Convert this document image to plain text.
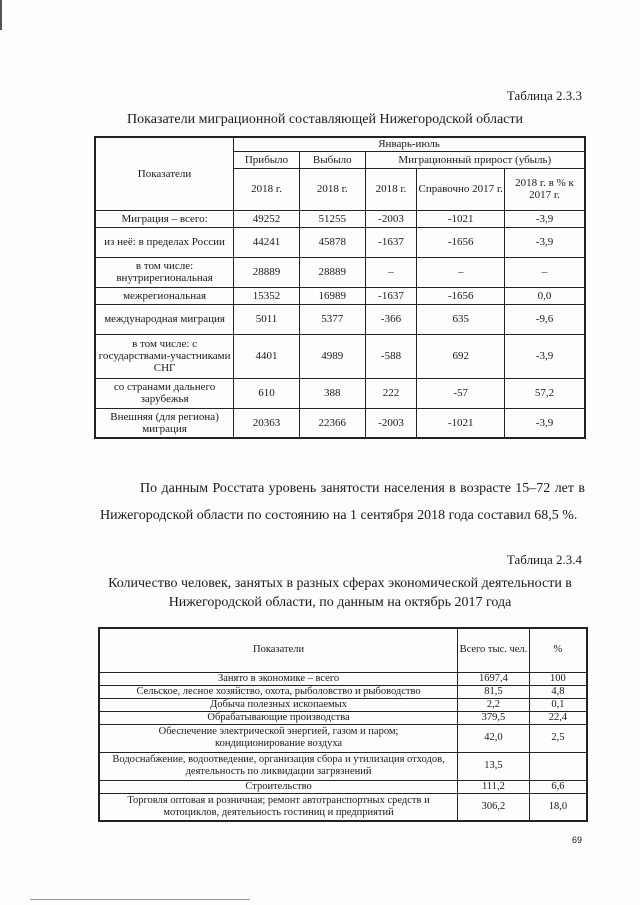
Таблица 2.3.3
Показатели миграционной составляющей Нижегородской области
Показатели	Январь-июль				
	Прибыло	Выбыло	Миграционный прирост (убыль)		
	2018 г.	2018 г.	2018 г.	Справочно 2017 г.	2018 г. в % к 2017 г.
Миграция – всего:	49252	51255	-2003	-1021	-3,9
из неё: в пределах России	44241	45878	-1637	-1656	-3,9
в том числе: внутрирегиональная	28889	28889	–	–	–
межрегиональная	15352	16989	-1637	-1656	0,0
международная миграция	5011	5377	-366	635	-9,6
в том числе: с государствами-участниками СНГ	4401	4989	-588	692	-3,9
со странами дальнего зарубежья	610	388	222	-57	57,2
Внешняя (для региона) миграция	20363	22366	-2003	-1021	-3,9
По данным Росстата уровень занятости населения в возрасте 15–72 лет в Нижегородской области по состоянию на 1 сентября 2018 года составил 68,5 %.
Таблица 2.3.4
Количество человек, занятых в разных сферах экономической деятельности в Нижегородской области, по данным на октябрь 2017 года
Показатели	Всего тыс. чел.	%
Занято в экономике – всего	1697,4	100
Сельское, лесное хозяйство, охота, рыболовство и рыбоводство	81,5	4,8
Добыча полезных ископаемых	2,2	0,1
Обрабатывающие производства	379,5	22,4
Обеспечение электрической энергией, газом и паром; кондиционирование воздуха	42,0	2,5
Водоснабжение, водоотведение, организация сбора и утилизация отходов, деятельность по ликвидации загрязнений	13,5	
Строительство	111,2	6,6
Торговля оптовая и розничная; ремонт автотранспортных средств и мотоциклов, деятельность гостиниц и предприятий	306,2	18,0
69
